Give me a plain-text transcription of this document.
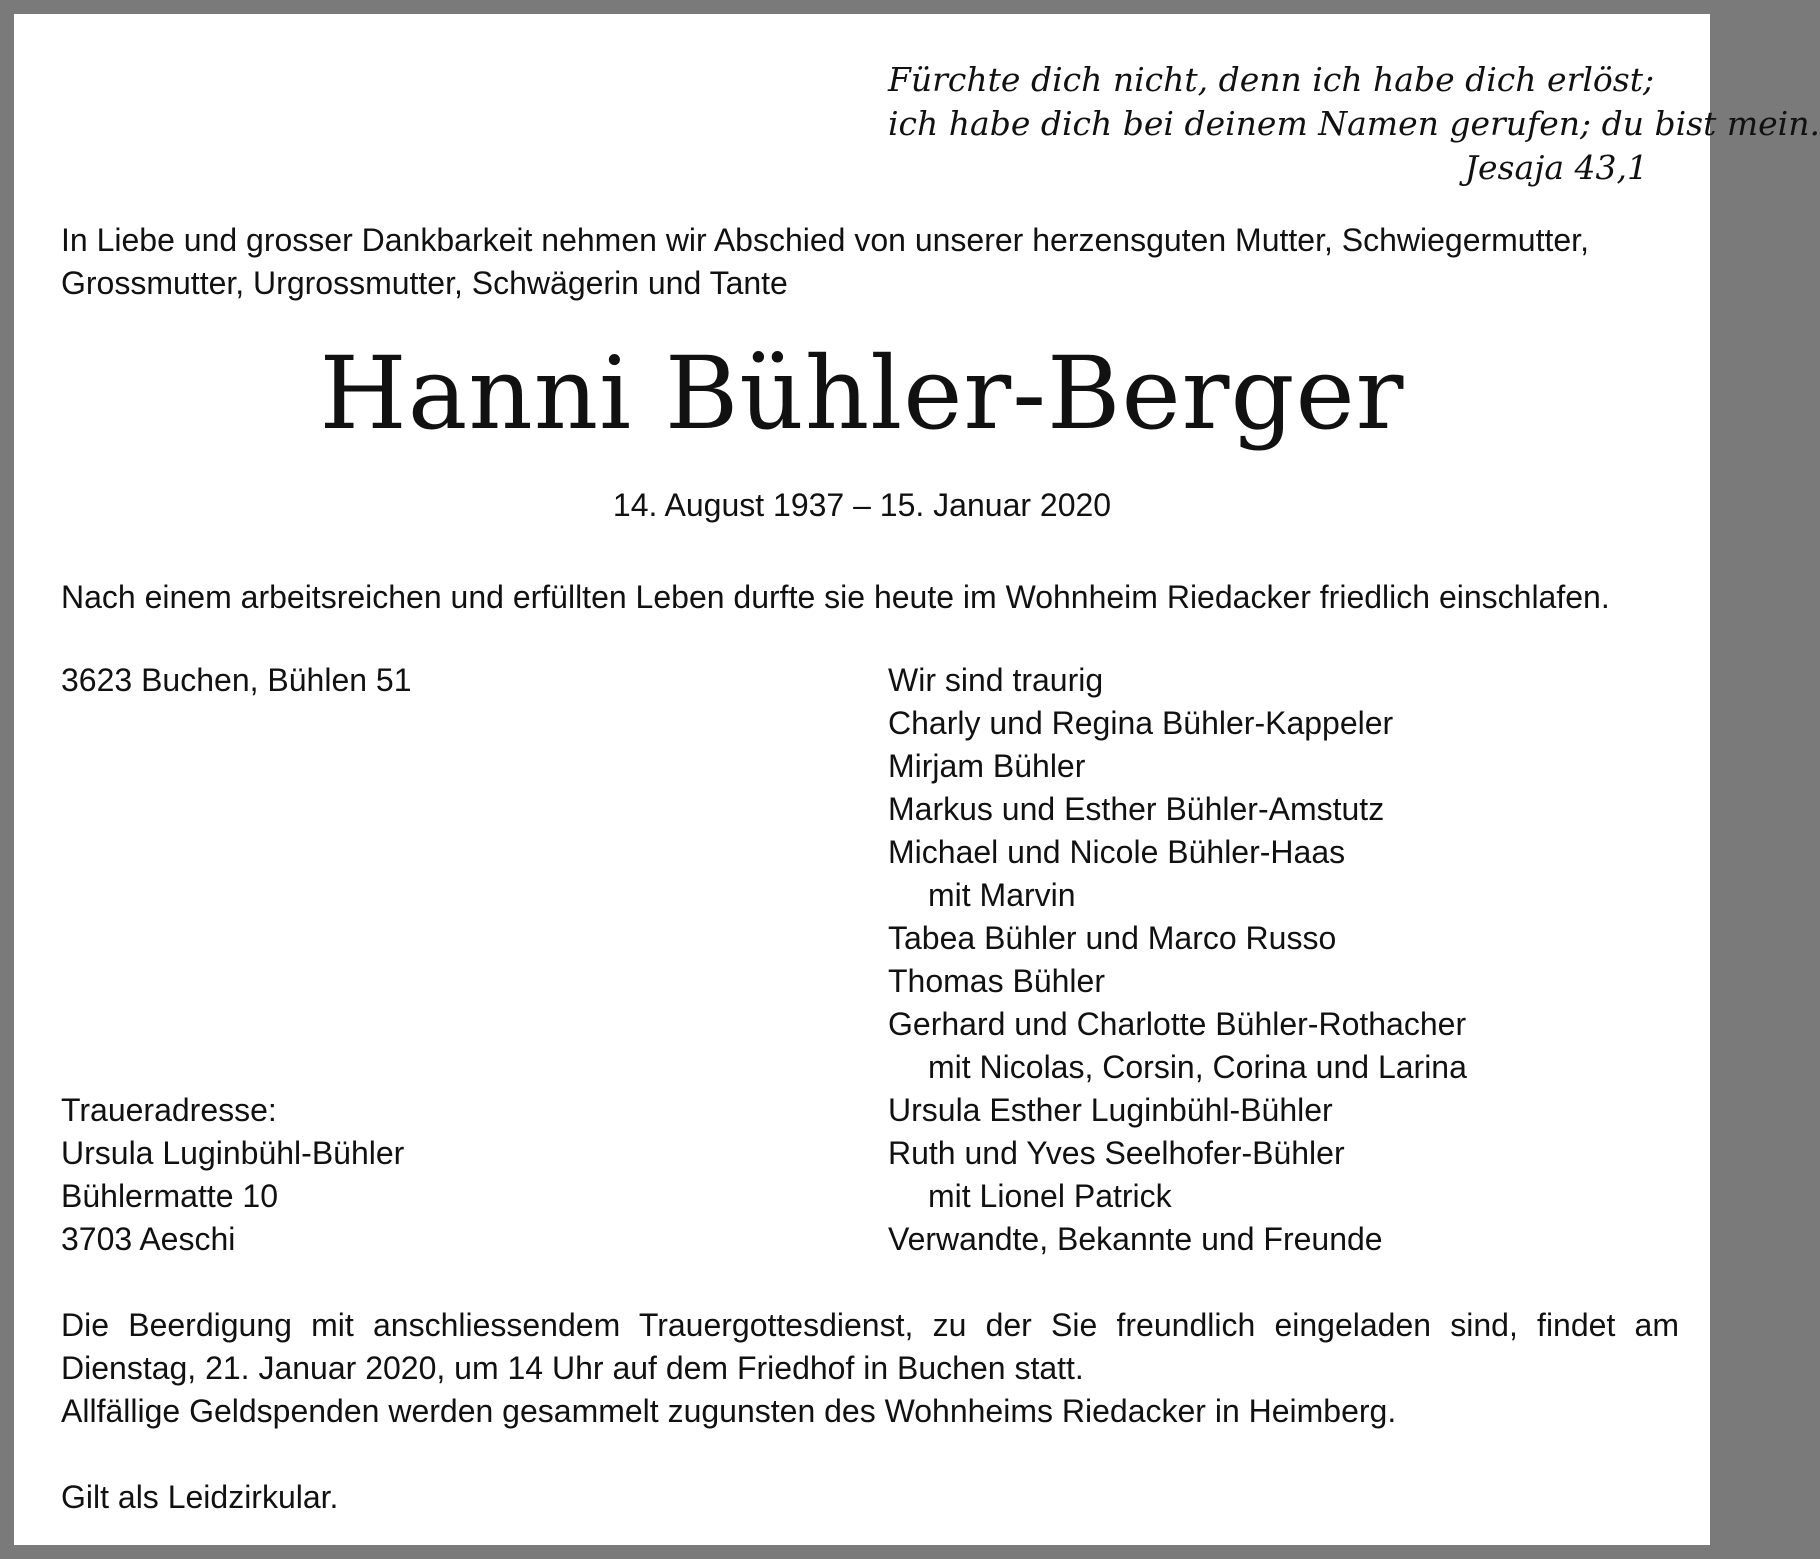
Fürchte dich nicht, denn ich habe dich erlöst;
ich habe dich bei deinem Namen gerufen; du bist mein.
Jesaja 43,1
In Liebe und grosser Dankbarkeit nehmen wir Abschied von unserer herzensguten Mutter, Schwiegermutter,
Grossmutter, Urgrossmutter, Schwägerin und Tante
Hanni Bühler-Berger
14. August 1937 – 15. Januar 2020
Nach einem arbeitsreichen und erfüllten Leben durfte sie heute im Wohnheim Riedacker friedlich einschlafen.
3623 Buchen, Bühlen 51	Wir sind traurig
Charly und Regina Bühler-Kappeler
Mirjam Bühler
Markus und Esther Bühler-Amstutz
Michael und Nicole Bühler-Haas
mit Marvin
Tabea Bühler und Marco Russo
Thomas Bühler
Gerhard und Charlotte Bühler-Rothacher
mit Nicolas, Corsin, Corina und Larina
Ursula Esther Luginbühl-Bühler
Ruth und Yves Seelhofer-Bühler
mit Lionel Patrick
Verwandte, Bekannte und Freunde
Traueradresse:
Ursula Luginbühl-Bühler
Bühlermatte 10
3703 Aeschi
Die Beerdigung mit anschliessendem Trauergottesdienst, zu der Sie freundlich eingeladen sind, findet am
Dienstag, 21. Januar 2020, um 14 Uhr auf dem Friedhof in Buchen statt.
Allfällige Geldspenden werden gesammelt zugunsten des Wohnheims Riedacker in Heimberg.
Gilt als Leidzirkular.
